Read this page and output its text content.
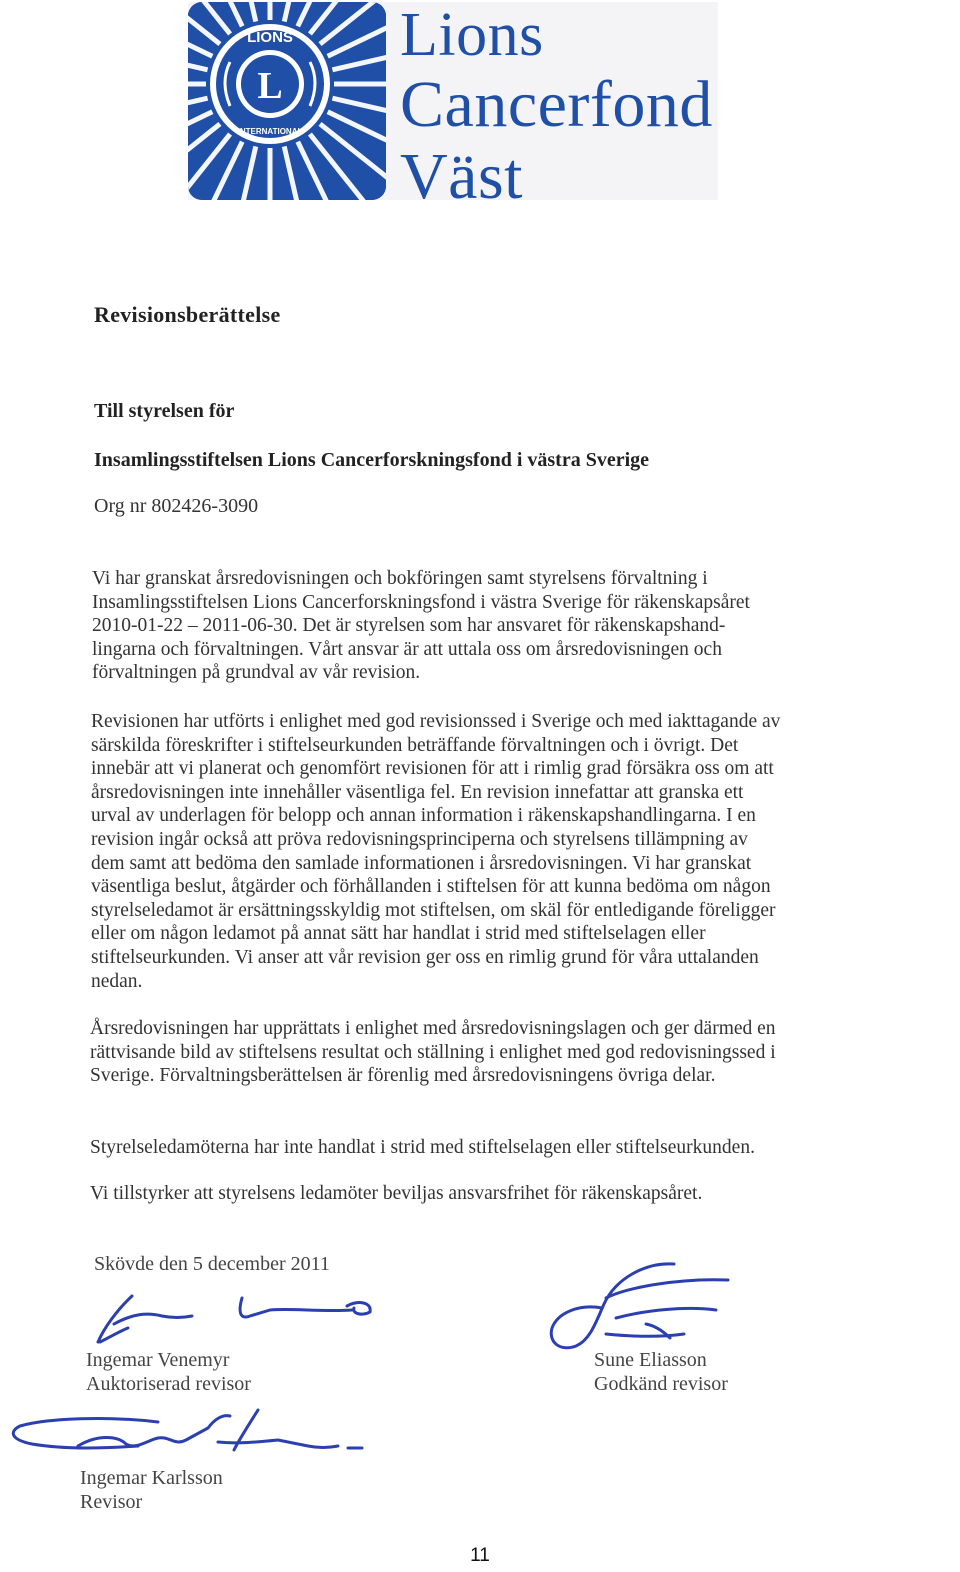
L
LIONS
INTERNATIONAL
Lions
Cancerfond
Väst
Revisionsberättelse

Till styrelsen för

Insamlingsstiftelsen Lions Cancerforskningsfond i västra Sverige

Org nr 802426-3090

Vi har granskat årsredovisningen och bokföringen samt styrelsens förvaltning i
Insamlingsstiftelsen Lions Cancerforskningsfond i västra Sverige för räkenskapsåret
2010-01-22 – 2011-06-30. Det är styrelsen som har ansvaret för räkenskapshand-
lingarna och förvaltningen. Vårt ansvar är att uttala oss om årsredovisningen och
förvaltningen på grundval av vår revision.

Revisionen har utförts i enlighet med god revisionssed i Sverige och med iakttagande av
särskilda föreskrifter i stiftelseurkunden beträffande förvaltningen och i övrigt. Det
innebär att vi planerat och genomfört revisionen för att i rimlig grad försäkra oss om att
årsredovisningen inte innehåller väsentliga fel. En revision innefattar att granska ett
urval av underlagen för belopp och annan information i räkenskapshandlingarna. I en
revision ingår också att pröva redovisningsprinciperna och styrelsens tillämpning av
dem samt att bedöma den samlade informationen i årsredovisningen. Vi har granskat
väsentliga beslut, åtgärder och förhållanden i stiftelsen för att kunna bedöma om någon
styrelseledamot är ersättningsskyldig mot stiftelsen, om skäl för entledigande föreligger
eller om någon ledamot på annat sätt har handlat i strid med stiftelselagen eller
stiftelseurkunden. Vi anser att vår revision ger oss en rimlig grund för våra uttalanden
nedan.

Årsredovisningen har upprättats i enlighet med årsredovisningslagen och ger därmed en
rättvisande bild av stiftelsens resultat och ställning i enlighet med god redovisningssed i
Sverige. Förvaltningsberättelsen är förenlig med årsredovisningens övriga delar.

Styrelseledamöterna har inte handlat i strid med stiftelselagen eller stiftelseurkunden.

Vi tillstyrker att styrelsens ledamöter beviljas ansvarsfrihet för räkenskapsåret.

Skövde den 5 december 2011

Ingemar Venemyr
Auktoriserad revisor
Sune Eliasson
Godkänd revisor
Ingemar Karlsson
Revisor
11
